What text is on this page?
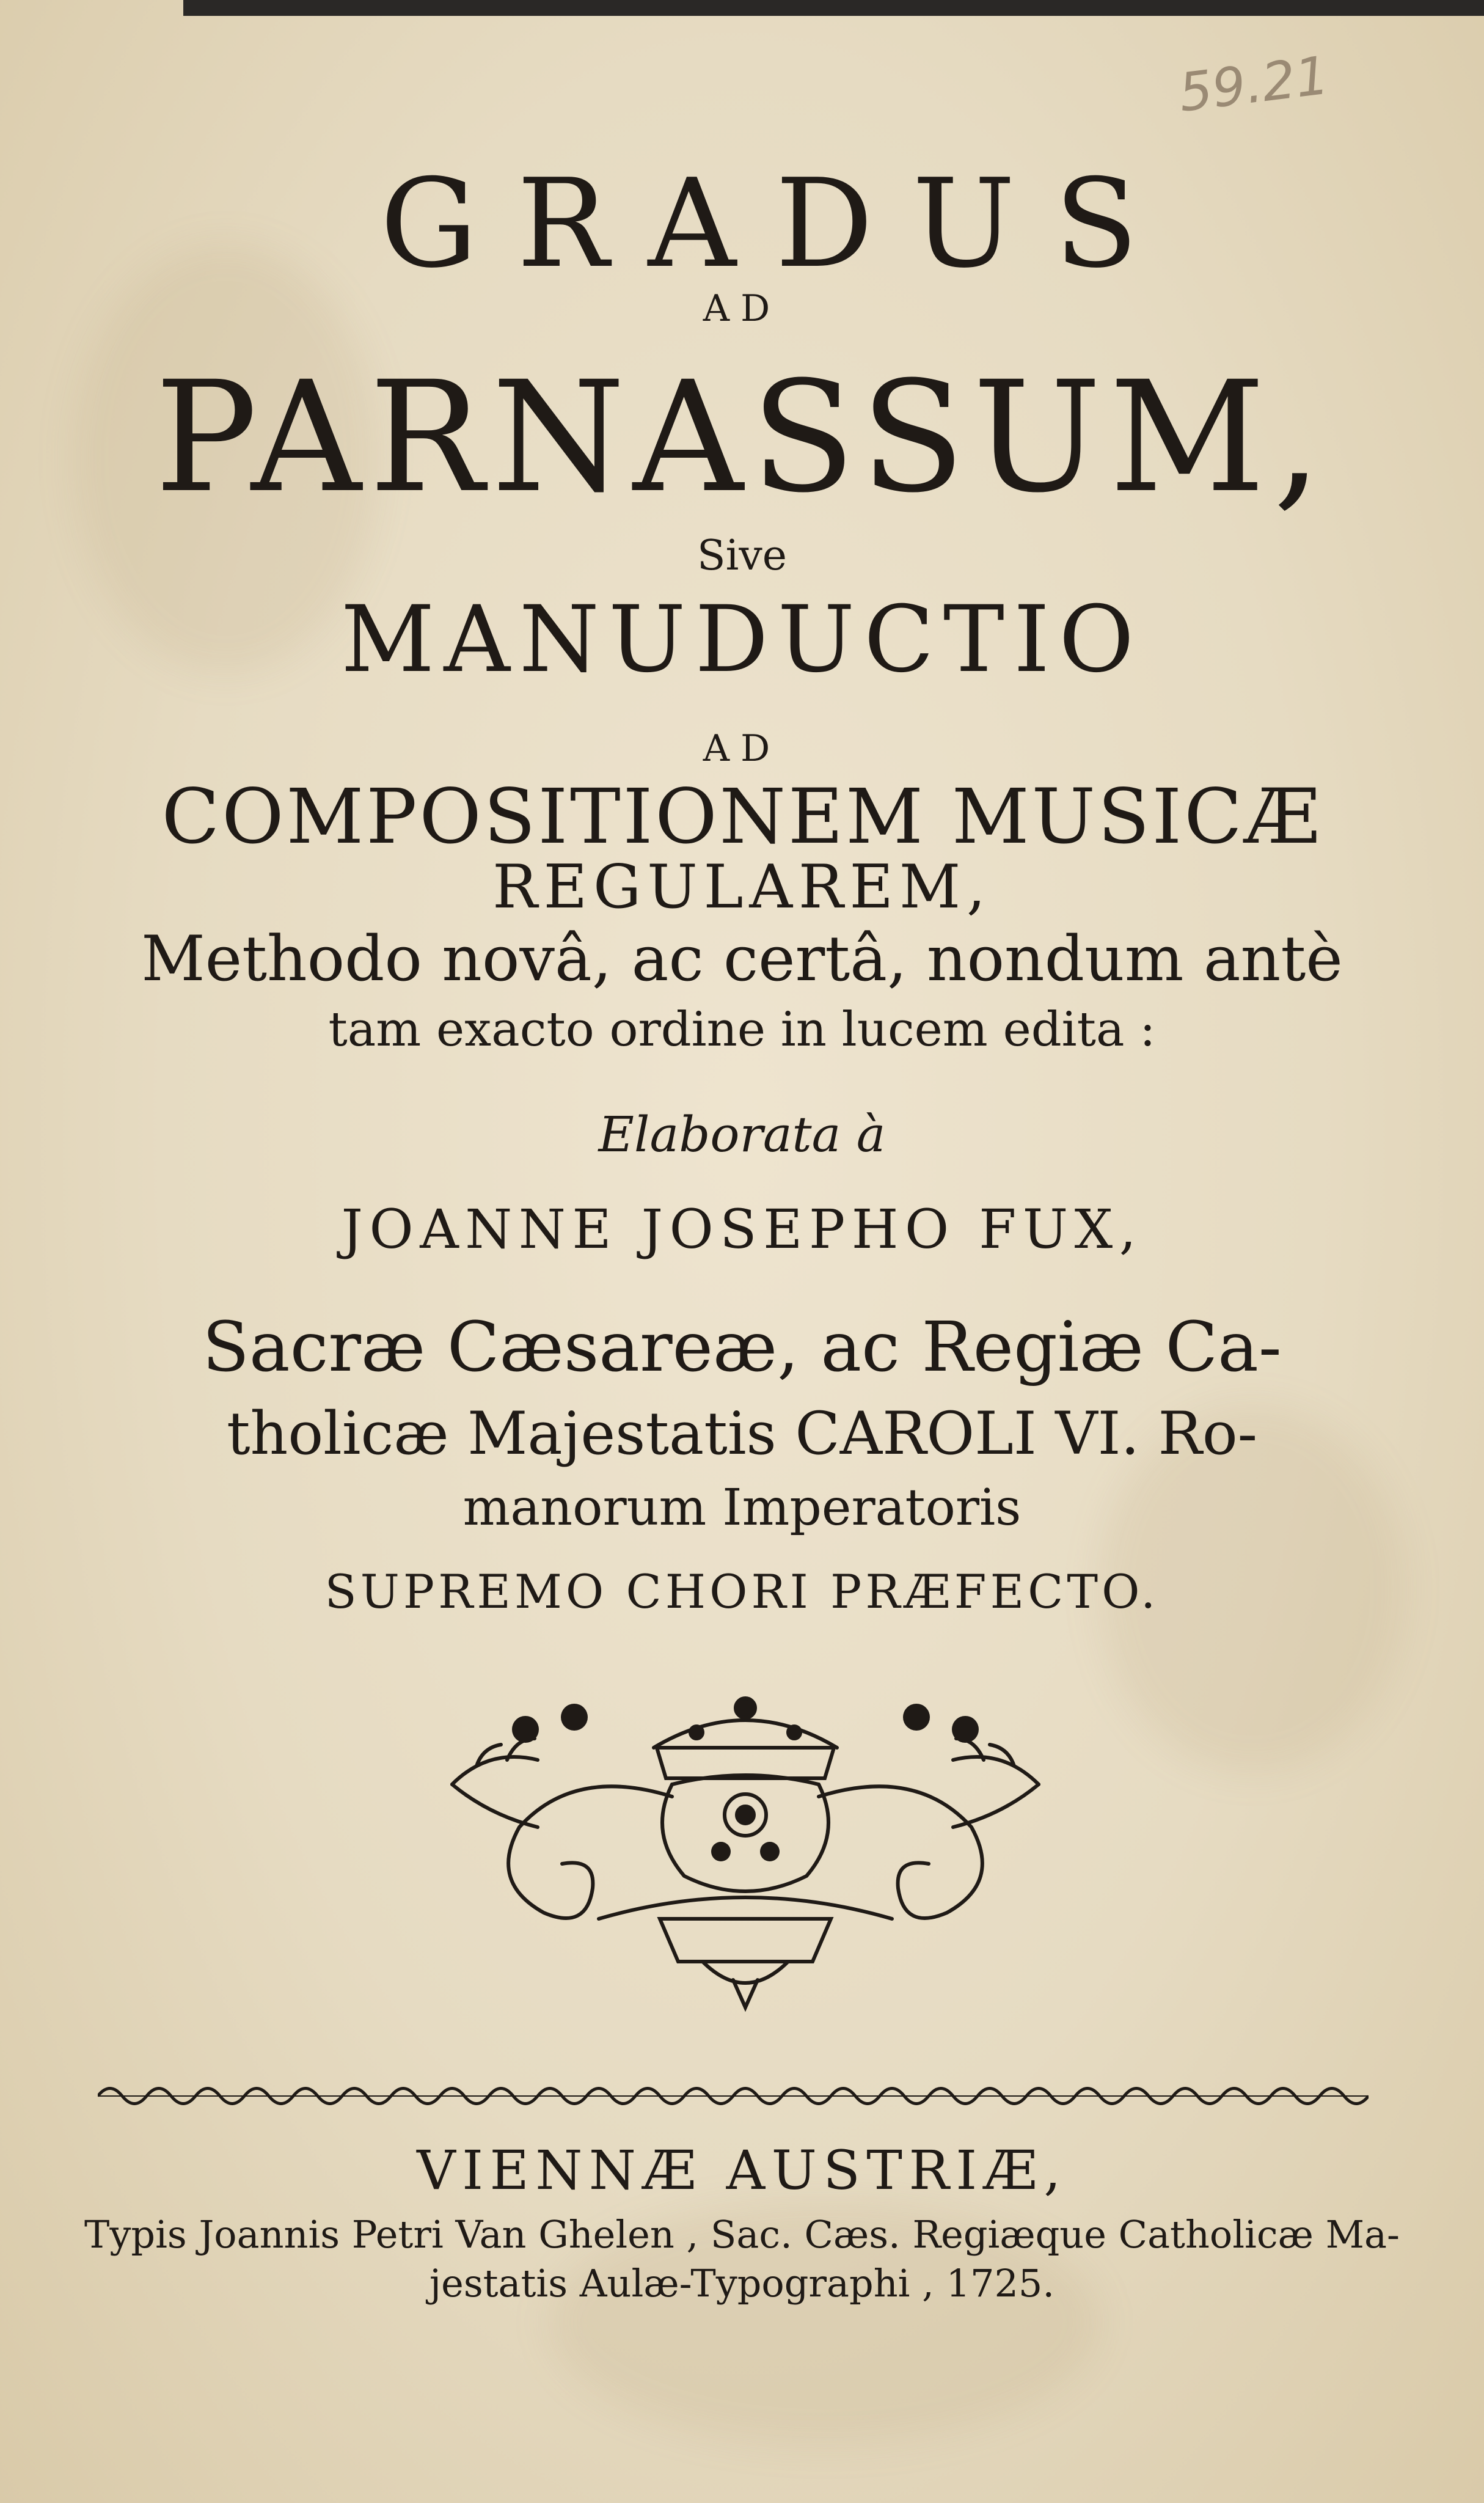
59.21
GRADUS
AD
PARNASSUM,
Sive
MANUDUCTIO
AD
COMPOSITIONEM MUSICÆ
REGULAREM,
Methodo novâ, ac certâ, nondum antè
tam exacto ordine in lucem edita :
Elaborata à
JOANNE JOSEPHO FUX,
Sacræ Cæsareæ, ac Regiæ Ca-
tholicæ Majestatis CAROLI VI. Ro-
manorum Imperatoris
SUPREMO CHORI PRÆFECTO.
VIENNÆ AUSTRIÆ,
Typis Joannis Petri Van Ghelen , Sac. Cæs. Regiæque Catholicæ Ma-
jestatis Aulæ-Typographi , 1725.
